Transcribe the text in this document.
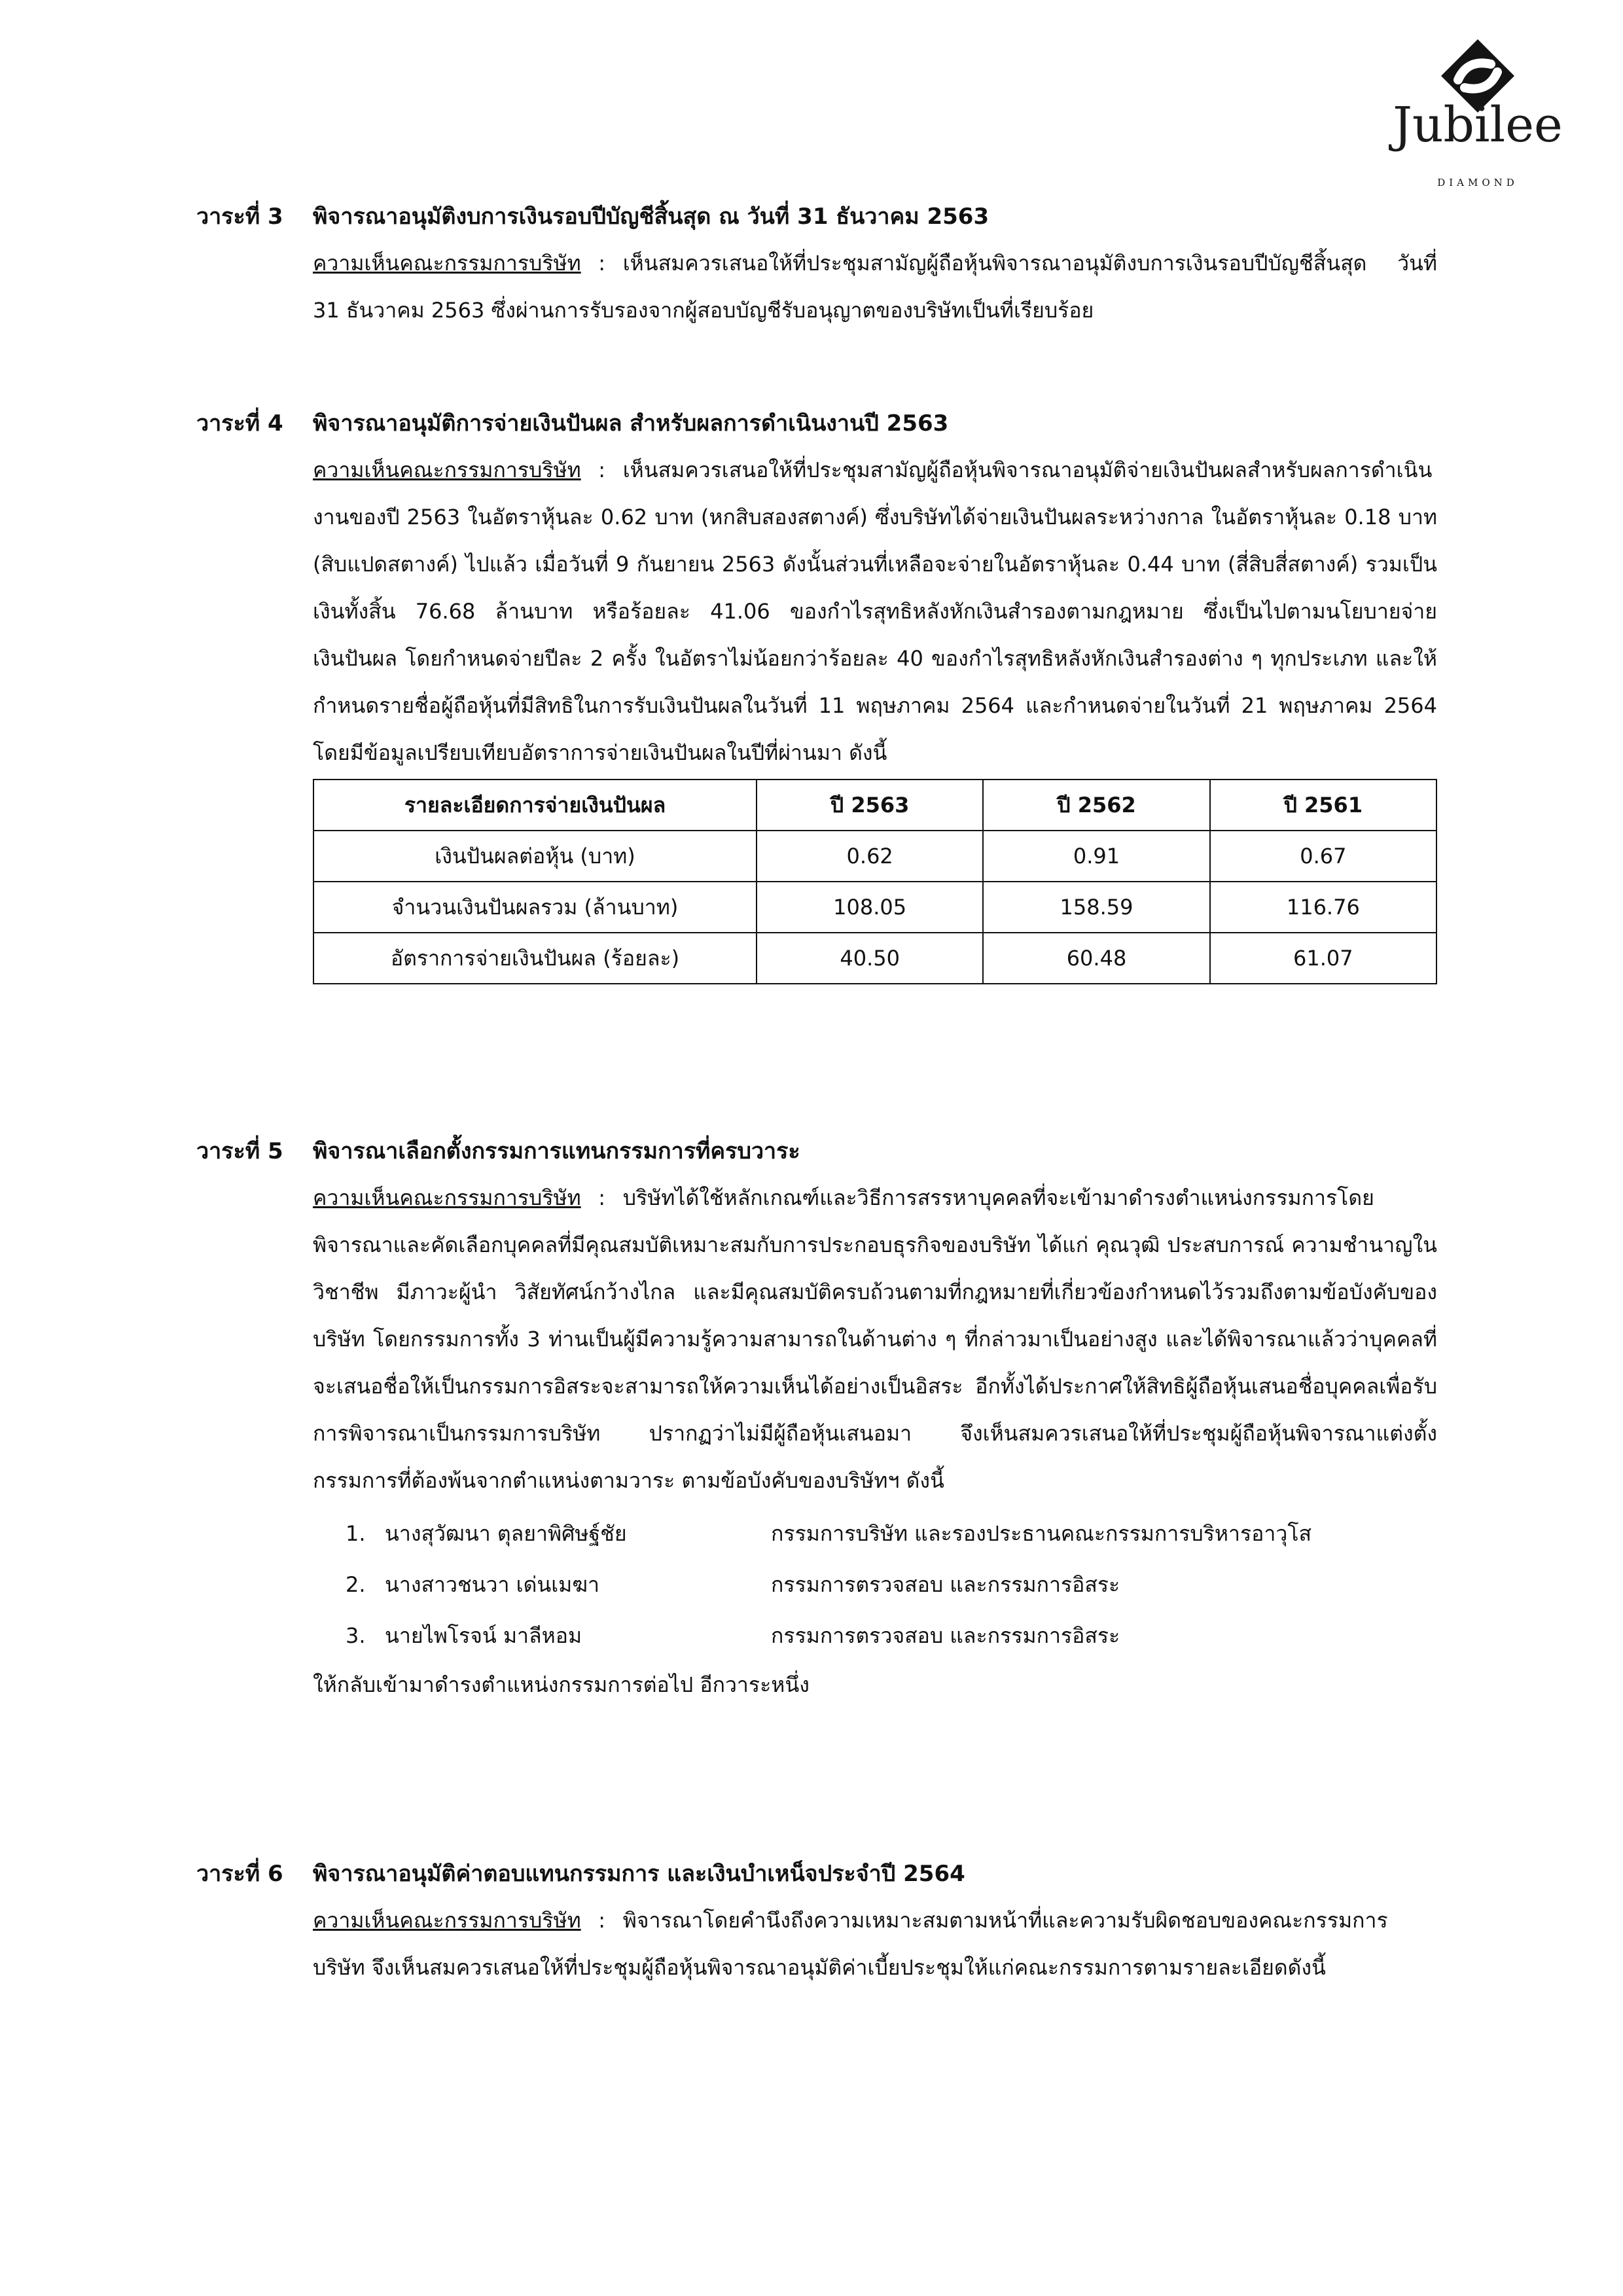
Jubilee
DIAMOND
วาระที่ 3 พิจารณาอนุมัติงบการเงินรอบปีบัญชีสิ้นสุด ณ วันที่ 31 ธันวาคม 2563
ความเห็นคณะกรรมการบริษัท : เห็นสมควรเสนอให้ที่ประชุมสามัญผู้ถือหุ้นพิจารณาอนุมัติงบการเงินรอบปีบัญชีสิ้นสุด วันที่ 31 ธันวาคม 2563 ซึ่งผ่านการรับรองจากผู้สอบบัญชีรับอนุญาตของบริษัทเป็นที่เรียบร้อย
วาระที่ 4 พิจารณาอนุมัติการจ่ายเงินปันผล สำหรับผลการดำเนินงานปี 2563
ความเห็นคณะกรรมการบริษัท : เห็นสมควรเสนอให้ที่ประชุมสามัญผู้ถือหุ้นพิจารณาอนุมัติจ่ายเงินปันผลสำหรับผลการดำเนินงานของปี 2563 ในอัตราหุ้นละ 0.62 บาท (หกสิบสองสตางค์) ซึ่งบริษัทได้จ่ายเงินปันผลระหว่างกาล ในอัตราหุ้นละ 0.18 บาท (สิบแปดสตางค์) ไปแล้ว เมื่อวันที่ 9 กันยายน 2563 ดังนั้นส่วนที่เหลือจะจ่ายในอัตราหุ้นละ 0.44 บาท (สี่สิบสี่สตางค์) รวมเป็นเงินทั้งสิ้น 76.68 ล้านบาท หรือร้อยละ 41.06 ของกำไรสุทธิหลังหักเงินสำรองตามกฎหมาย ซึ่งเป็นไปตามนโยบายจ่ายเงินปันผล โดยกำหนดจ่ายปีละ 2 ครั้ง ในอัตราไม่น้อยกว่าร้อยละ 40 ของกำไรสุทธิหลังหักเงินสำรองต่าง ๆ ทุกประเภท และให้กำหนดรายชื่อผู้ถือหุ้นที่มีสิทธิในการรับเงินปันผลในวันที่ 11 พฤษภาคม 2564 และกำหนดจ่ายในวันที่ 21 พฤษภาคม 2564 โดยมีข้อมูลเปรียบเทียบอัตราการจ่ายเงินปันผลในปีที่ผ่านมา ดังนี้
รายละเอียดการจ่ายเงินปันผล	ปี 2563	ปี 2562	ปี 2561
เงินปันผลต่อหุ้น (บาท)	0.62	0.91	0.67
จำนวนเงินปันผลรวม (ล้านบาท)	108.05	158.59	116.76
อัตราการจ่ายเงินปันผล (ร้อยละ)	40.50	60.48	61.07
วาระที่ 5 พิจารณาเลือกตั้งกรรมการแทนกรรมการที่ครบวาระ
ความเห็นคณะกรรมการบริษัท : บริษัทได้ใช้หลักเกณฑ์และวิธีการสรรหาบุคคลที่จะเข้ามาดำรงตำแหน่งกรรมการโดยพิจารณาและคัดเลือกบุคคลที่มีคุณสมบัติเหมาะสมกับการประกอบธุรกิจของบริษัท ได้แก่ คุณวุฒิ ประสบการณ์ ความชำนาญในวิชาชีพ มีภาวะผู้นำ วิสัยทัศน์กว้างไกล และมีคุณสมบัติครบถ้วนตามที่กฎหมายที่เกี่ยวข้องกำหนดไว้รวมถึงตามข้อบังคับของบริษัท โดยกรรมการทั้ง 3 ท่านเป็นผู้มีความรู้ความสามารถในด้านต่าง ๆ ที่กล่าวมาเป็นอย่างสูง และได้พิจารณาแล้วว่าบุคคลที่จะเสนอชื่อให้เป็นกรรมการอิสระจะสามารถให้ความเห็นได้อย่างเป็นอิสระ อีกทั้งได้ประกาศให้สิทธิผู้ถือหุ้นเสนอชื่อบุคคลเพื่อรับการพิจารณาเป็นกรรมการบริษัท ปรากฏว่าไม่มีผู้ถือหุ้นเสนอมา จึงเห็นสมควรเสนอให้ที่ประชุมผู้ถือหุ้นพิจารณาแต่งตั้งกรรมการที่ต้องพ้นจากตำแหน่งตามวาระ ตามข้อบังคับของบริษัทฯ ดังนี้
1. นางสุวัฒนา ตุลยาพิศิษฐ์ชัย	กรรมการบริษัท และรองประธานคณะกรรมการบริหารอาวุโส
2. นางสาวชนวา เด่นเมฆา	กรรมการตรวจสอบ และกรรมการอิสระ
3. นายไพโรจน์ มาลีหอม	กรรมการตรวจสอบ และกรรมการอิสระ
ให้กลับเข้ามาดำรงตำแหน่งกรรมการต่อไป อีกวาระหนึ่ง
วาระที่ 6 พิจารณาอนุมัติค่าตอบแทนกรรมการ และเงินบำเหน็จประจำปี 2564
ความเห็นคณะกรรมการบริษัท : พิจารณาโดยคำนึงถึงความเหมาะสมตามหน้าที่และความรับผิดชอบของคณะกรรมการบริษัท จึงเห็นสมควรเสนอให้ที่ประชุมผู้ถือหุ้นพิจารณาอนุมัติค่าเบี้ยประชุมให้แก่คณะกรรมการตามรายละเอียดดังนี้
